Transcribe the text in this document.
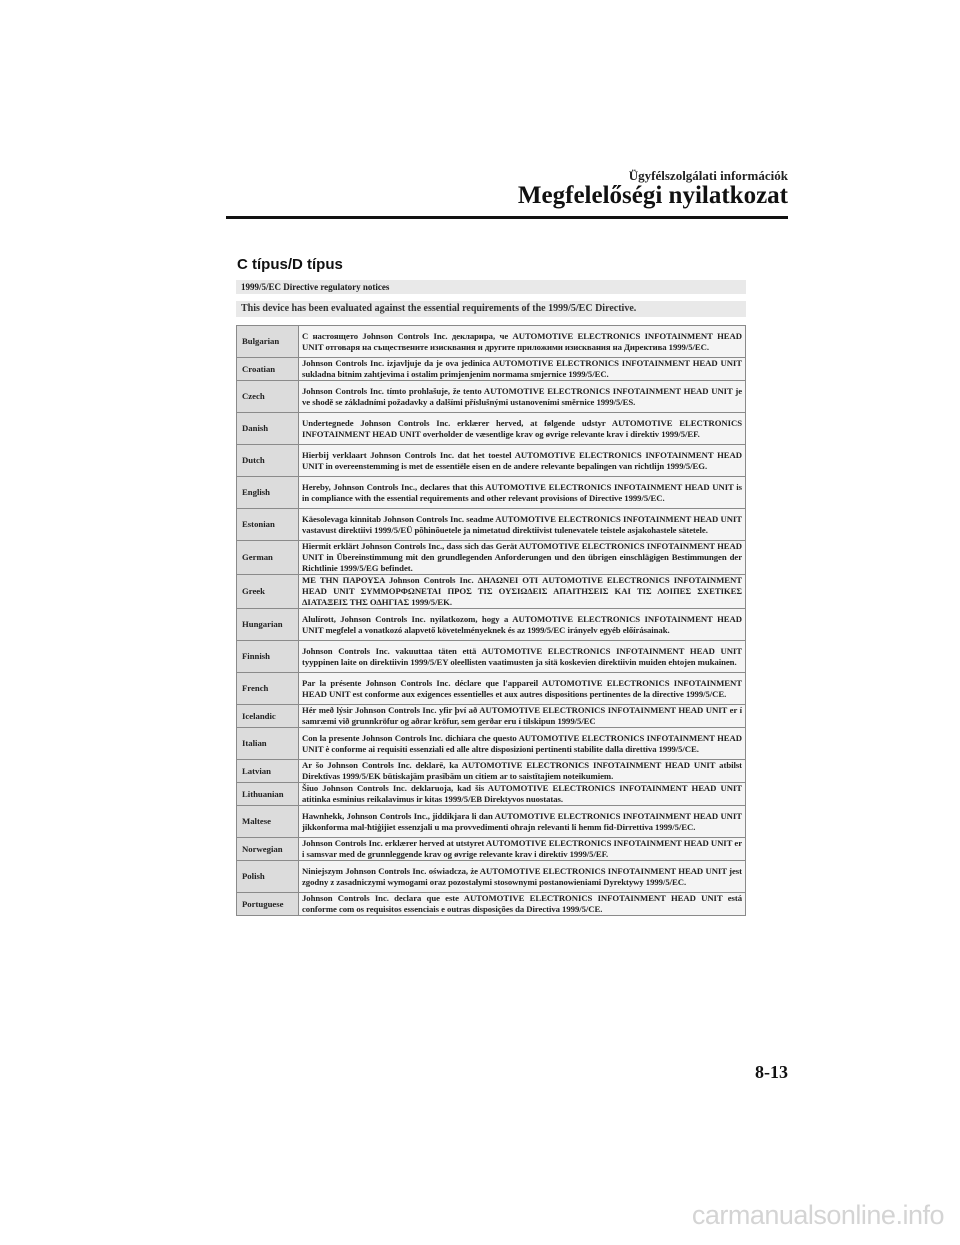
Ügyfélszolgálati információk
Megfelelőségi nyilatkozat
C típus/D típus
1999/5/EC Directive regulatory notices
This device has been evaluated against the essential requirements of the 1999/5/EC Directive.
Bulgarian	С настоящето Johnson Controls Inc. декларира, че AUTOMOTIVE ELECTRONICS INFOTAINMENT HEAD UNIT отговаря на съществените изисквания и другите приложими изисквания на Директива 1999/5/ЕС.
Croatian	Johnson Controls Inc. izjavljuje da je ova jedinica AUTOMOTIVE ELECTRONICS INFOTAINMENT HEAD UNIT sukladna bitnim zahtjevima i ostalim primjenjenim normama smjernice 1999/5/EC.
Czech	Johnson Controls Inc. tímto prohlašuje, že tento AUTOMOTIVE ELECTRONICS INFOTAINMENT HEAD UNIT je ve shodě se základními požadavky a dalšími příslušnými ustanoveními směrnice 1999/5/ES.
Danish	Undertegnede Johnson Controls Inc. erklærer herved, at følgende udstyr AUTOMOTIVE ELECTRONICS INFOTAINMENT HEAD UNIT overholder de væsentlige krav og øvrige relevante krav i direktiv 1999/5/EF.
Dutch	Hierbij verklaart Johnson Controls Inc. dat het toestel AUTOMOTIVE ELECTRONICS INFOTAINMENT HEAD UNIT in overeenstemming is met de essentiële eisen en de andere relevante bepalingen van richtlijn 1999/5/EG.
English	Hereby, Johnson Controls Inc., declares that this AUTOMOTIVE ELECTRONICS INFOTAINMENT HEAD UNIT is in compliance with the essential requirements and other relevant provisions of Directive 1999/5/EC.
Estonian	Käesolevaga kinnitab Johnson Controls Inc. seadme AUTOMOTIVE ELECTRONICS INFOTAINMENT HEAD UNIT vastavust direktiivi 1999/5/EÜ põhinõuetele ja nimetatud direktiivist tulenevatele teistele asjakohastele sätetele.
German	Hiermit erklärt Johnson Controls Inc., dass sich das Gerät AUTOMOTIVE ELECTRONICS INFOTAINMENT HEAD UNIT in Übereinstimmung mit den grundlegenden Anforderungen und den übrigen einschlägigen Bestimmungen der Richtlinie 1999/5/EG befindet.
Greek	ΜΕ ΤΗΝ ΠΑΡΟΥΣΑ Johnson Controls Inc. ΔΗΛΩΝΕΙ ΟΤΙ AUTOMOTIVE ELECTRONICS INFOTAINMENT HEAD UNIT ΣΥΜΜΟΡΦΩΝΕΤΑΙ ΠΡΟΣ ΤΙΣ ΟΥΣΙΩΔΕΙΣ ΑΠΑΙΤΗΣΕΙΣ ΚΑΙ ΤΙΣ ΛΟΙΠΕΣ ΣΧΕΤΙΚΕΣ ΔΙΑΤΑΞΕΙΣ ΤΗΣ ΟΔΗΓΙΑΣ 1999/5/ΕΚ.
Hungarian	Alulírott, Johnson Controls Inc. nyilatkozom, hogy a AUTOMOTIVE ELECTRONICS INFOTAINMENT HEAD UNIT megfelel a vonatkozó alapvető követelményeknek és az 1999/5/EC irányelv egyéb előírásainak.
Finnish	Johnson Controls Inc. vakuuttaa täten että AUTOMOTIVE ELECTRONICS INFOTAINMENT HEAD UNIT tyyppinen laite on direktiivin 1999/5/EY oleellisten vaatimusten ja sitä koskevien direktiivin muiden ehtojen mukainen.
French	Par la présente Johnson Controls Inc. déclare que l'appareil AUTOMOTIVE ELECTRONICS INFOTAINMENT HEAD UNIT est conforme aux exigences essentielles et aux autres dispositions pertinentes de la directive 1999/5/CE.
Icelandic	Hér með lýsir Johnson Controls Inc. yfir því að AUTOMOTIVE ELECTRONICS INFOTAINMENT HEAD UNIT er í samræmi við grunnkröfur og aðrar kröfur, sem gerðar eru í tilskipun 1999/5/EC
Italian	Con la presente Johnson Controls Inc. dichiara che questo AUTOMOTIVE ELECTRONICS INFOTAINMENT HEAD UNIT è conforme ai requisiti essenziali ed alle altre disposizioni pertinenti stabilite dalla direttiva 1999/5/CE.
Latvian	Ar šo Johnson Controls Inc. deklarē, ka AUTOMOTIVE ELECTRONICS INFOTAINMENT HEAD UNIT atbilst Direktīvas 1999/5/EK būtiskajām prasībām un citiem ar to saistītajiem noteikumiem.
Lithuanian	Šiuo Johnson Controls Inc. deklaruoja, kad šis AUTOMOTIVE ELECTRONICS INFOTAINMENT HEAD UNIT atitinka esminius reikalavimus ir kitas 1999/5/EB Direktyvos nuostatas.
Maltese	Hawnhekk, Johnson Controls Inc., jiddikjara li dan AUTOMOTIVE ELECTRONICS INFOTAINMENT HEAD UNIT jikkonforma mal-ħtiġijiet essenzjali u ma provvedimenti oħrajn relevanti li hemm fid-Dirrettiva 1999/5/EC.
Norwegian	Johnson Controls Inc. erklærer herved at utstyret AUTOMOTIVE ELECTRONICS INFOTAINMENT HEAD UNIT er i samsvar med de grunnleggende krav og øvrige relevante krav i direktiv 1999/5/EF.
Polish	Niniejszym Johnson Controls Inc. oświadcza, że AUTOMOTIVE ELECTRONICS INFOTAINMENT HEAD UNIT jest zgodny z zasadniczymi wymogami oraz pozostałymi stosownymi postanowieniami Dyrektywy 1999/5/EC.
Portuguese	Johnson Controls Inc. declara que este AUTOMOTIVE ELECTRONICS INFOTAINMENT HEAD UNIT está conforme com os requisitos essenciais e outras disposições da Directiva 1999/5/CE.
8-13
carmanualsonline.info
